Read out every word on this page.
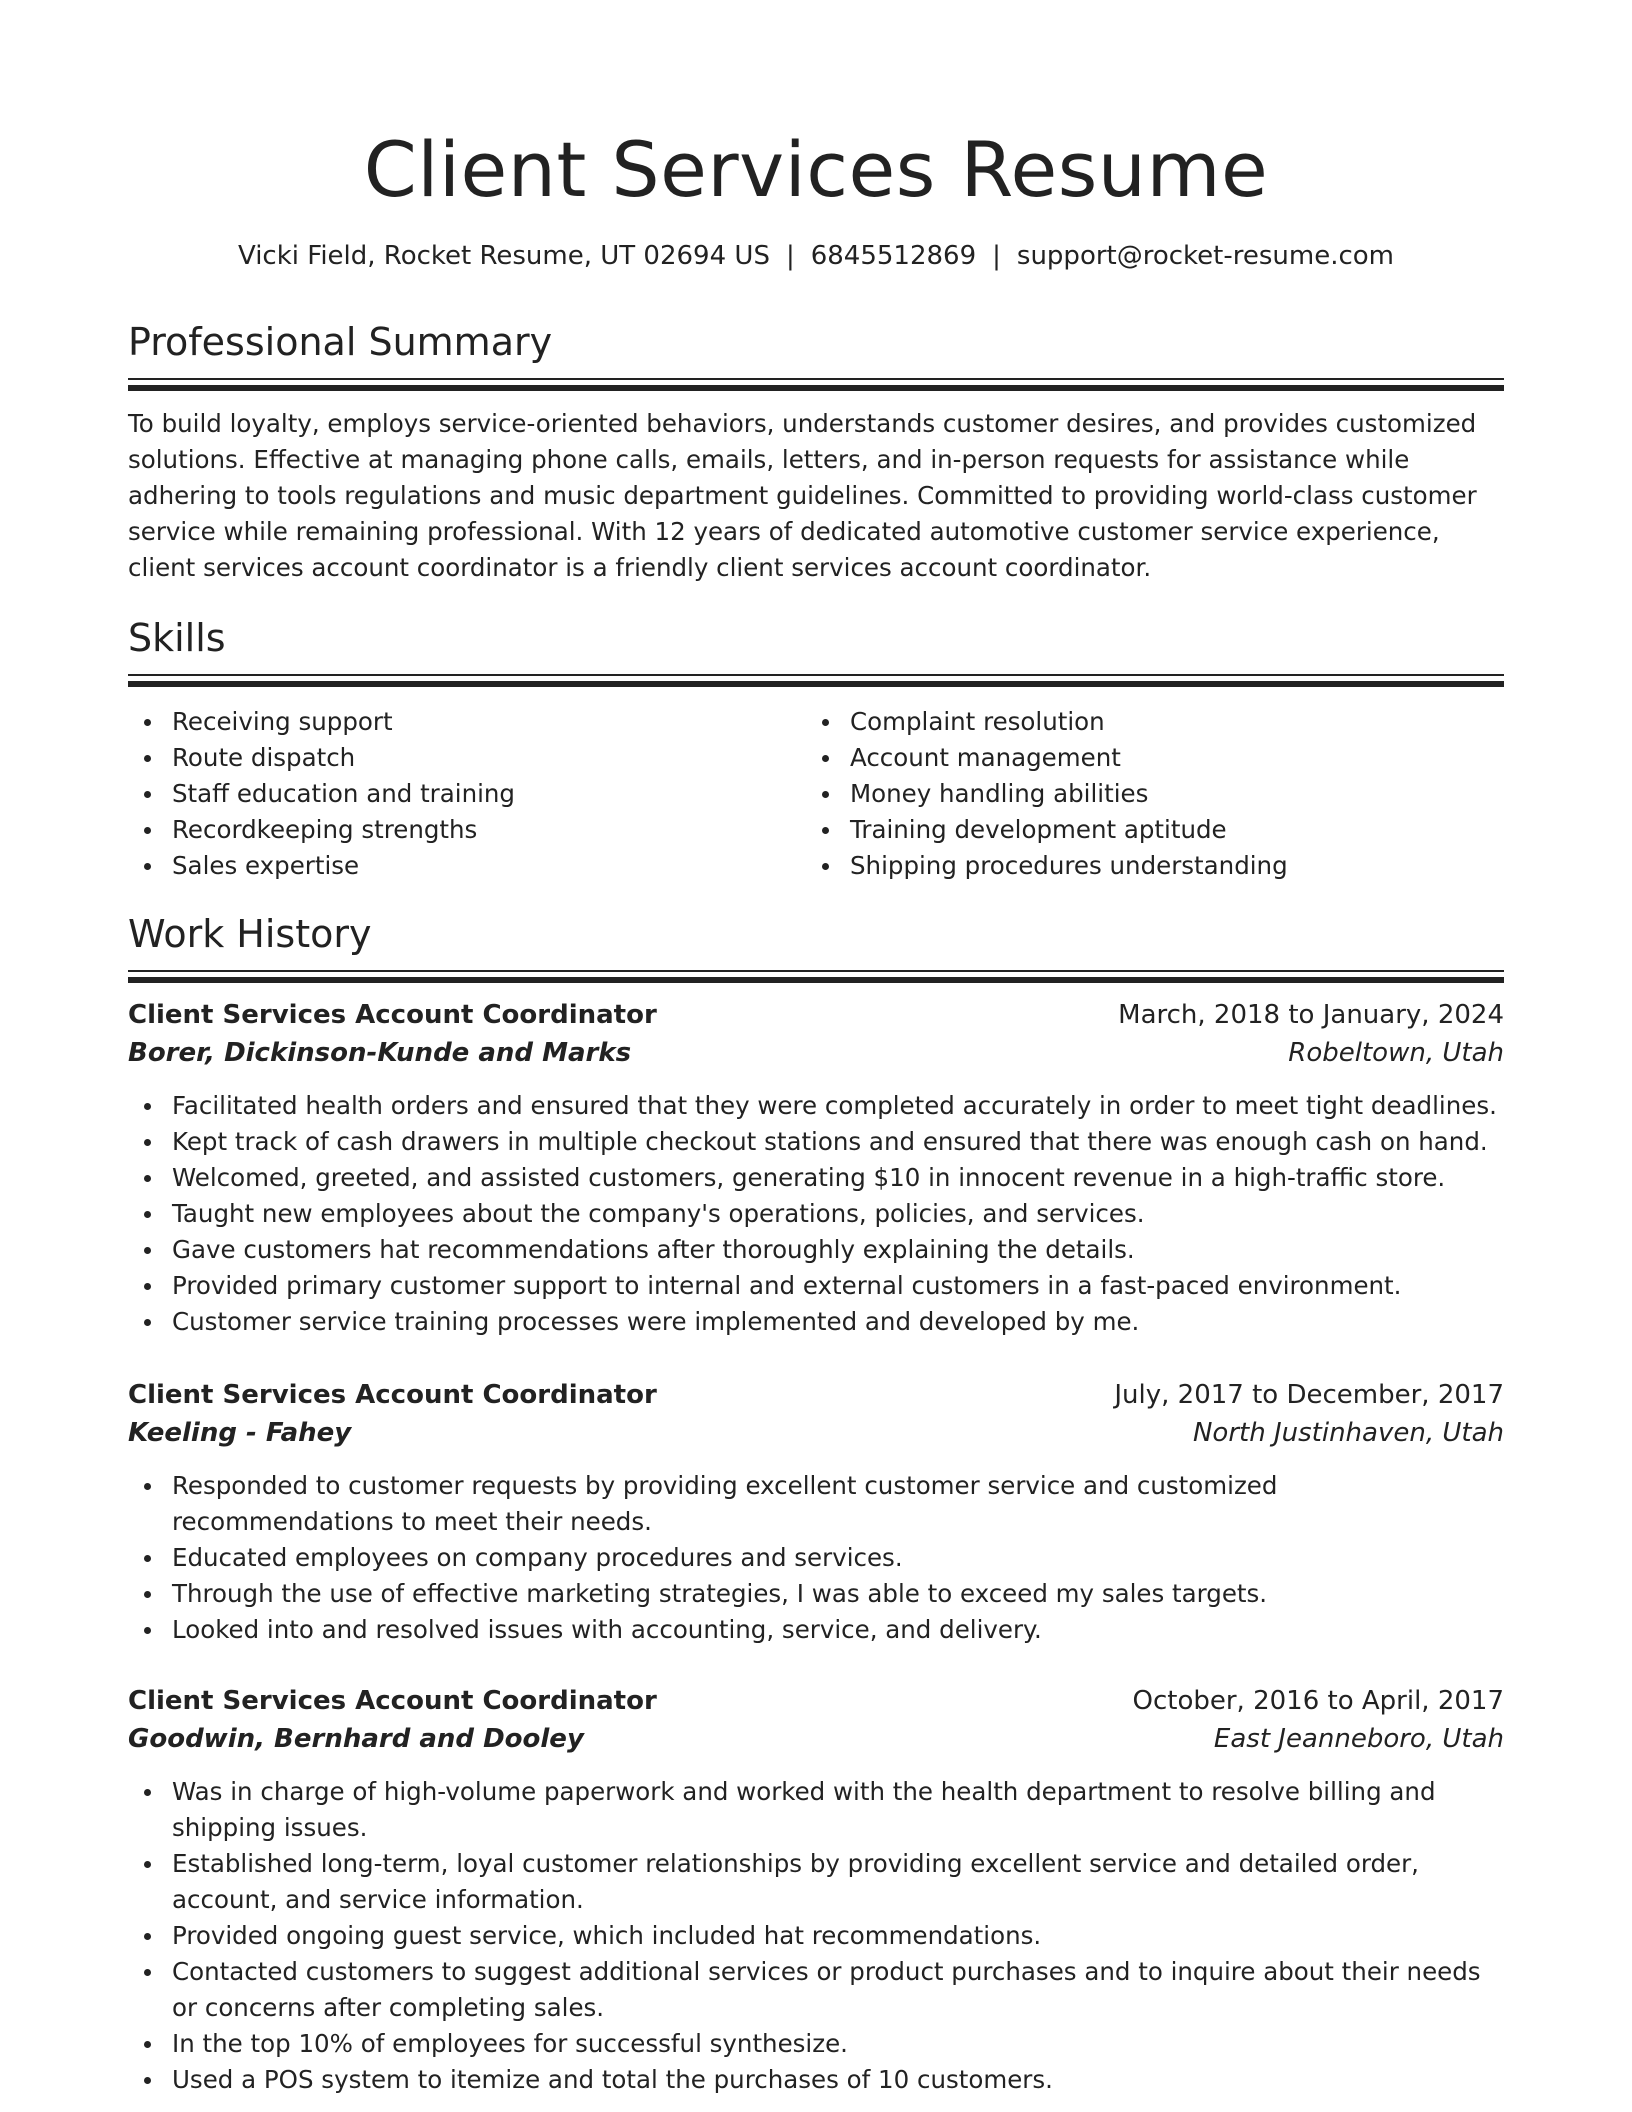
Client Services Resume
Vicki Field, Rocket Resume, UT 02694 US | 6845512869 | support@rocket-resume.com
Professional Summary

To build loyalty, employs service-oriented behaviors, understands customer desires, and provides customized solutions. Effective at managing phone calls, emails, letters, and in-person requests for assistance while adhering to tools regulations and music department guidelines. Committed to providing world-class customer service while remaining professional. With 12 years of dedicated automotive customer service experience, client services account coordinator is a friendly client services account coordinator.

Skills
Receiving support
Route dispatch
Staff education and training
Recordkeeping strengths
Sales expertise
Complaint resolution
Account management
Money handling abilities
Training development aptitude
Shipping procedures understanding
Work History
Client Services Account Coordinator	March, 2018 to January, 2024
Borer, Dickinson-Kunde and Marks	Robeltown, Utah
Facilitated health orders and ensured that they were completed accurately in order to meet tight deadlines.
Kept track of cash drawers in multiple checkout stations and ensured that there was enough cash on hand.
Welcomed, greeted, and assisted customers, generating $10 in innocent revenue in a high-traffic store.
Taught new employees about the company's operations, policies, and services.
Gave customers hat recommendations after thoroughly explaining the details.
Provided primary customer support to internal and external customers in a fast-paced environment.
Customer service training processes were implemented and developed by me.
Client Services Account Coordinator	July, 2017 to December, 2017
Keeling - Fahey	North Justinhaven, Utah
Responded to customer requests by providing excellent customer service and customized recommendations to meet their needs.
Educated employees on company procedures and services.
Through the use of effective marketing strategies, I was able to exceed my sales targets.
Looked into and resolved issues with accounting, service, and delivery.
Client Services Account Coordinator	October, 2016 to April, 2017
Goodwin, Bernhard and Dooley	East Jeanneboro, Utah
Was in charge of high-volume paperwork and worked with the health department to resolve billing and shipping issues.
Established long-term, loyal customer relationships by providing excellent service and detailed order, account, and service information.
Provided ongoing guest service, which included hat recommendations.
Contacted customers to suggest additional services or product purchases and to inquire about their needs or concerns after completing sales.
In the top 10% of employees for successful synthesize.
Used a POS system to itemize and total the purchases of 10 customers.
